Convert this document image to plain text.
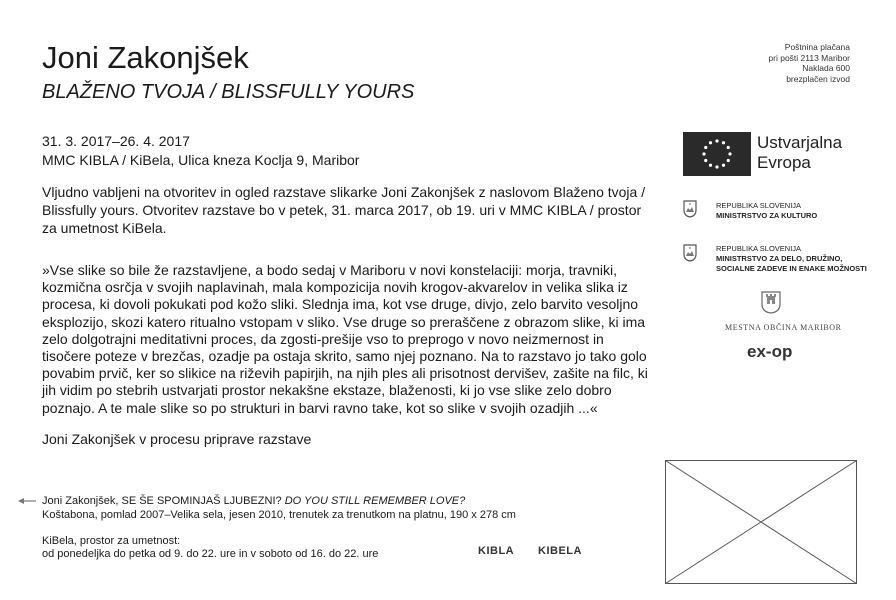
Joni Zakonjšek
BLAŽENO TVOJA / BLISSFULLY YOURS
31. 3. 2017–26. 4. 2017
MMC KIBLA / KiBela, Ulica kneza Koclja 9, Maribor
Vljudno vabljeni na otvoritev in ogled razstave slikarke Joni Zakonjšek z naslovom Blaženo tvoja / Blissfully yours. Otvoritev razstave bo v petek, 31. marca 2017, ob 19. uri v MMC KIBLA / prostor za umetnost KiBela.
»Vse slike so bile že razstavljene, a bodo sedaj v Mariboru v novi konstelaciji: morja, travniki, kozmična osrčja v svojih naplavinah, mala kompozicija novih krogov-akvarelov in velika slika iz procesa, ki dovoli pokukati pod kožo sliki. Slednja ima, kot vse druge, divjo, zelo barvito vesoljno eksplozijo, skozi katero ritualno vstopam v sliko. Vse druge so preraščene z obrazom slike, ki ima zelo dolgotrajni meditativni proces, da zgosti-prešije vso to preprogo v novo neizmernost in tisočere poteze v brezčas, ozadje pa ostaja skrito, samo njej poznano. Na to razstavo jo tako golo povabim prvič, ker so slikice na riževih papirjih, na njih ples ali prisotnost dervišev, zašite na filc, ki jih vidim po stebrih ustvarjati prostor nekakšne ekstaze, blaženosti, ki jo vse slike zelo dobro poznajo. A te male slike so po strukturi in barvi ravno take, kot so slike v svojih ozadjih ...«
Joni Zakonjšek v procesu priprave razstave
Joni Zakonjšek, SE ŠE SPOMINJAŠ LJUBEZNI? DO YOU STILL REMEMBER LOVE?
Koštabona, pomlad 2007–Velika sela, jesen 2010, trenutek za trenutkom na platnu, 190 x 278 cm
KiBela, prostor za umetnost:
od ponedeljka do petka od 9. do 22. ure in v soboto od 16. do 22. ure	KIBLA KIBELA
Poštnina plačana
pri pošti 2113 Maribor
Naklada 600
brezplačen izvod
Ustvarjalna
Evropa
REPUBLIKA SLOVENIJA
MINISTRSTVO ZA KULTURO
REPUBLIKA SLOVENIJA
MINISTRSTVO ZA DELO, DRUŽINO,
SOCIALNE ZADEVE IN ENAKE MOŽNOSTI
MESTNA OBČINA MARIBOR
ex-op
